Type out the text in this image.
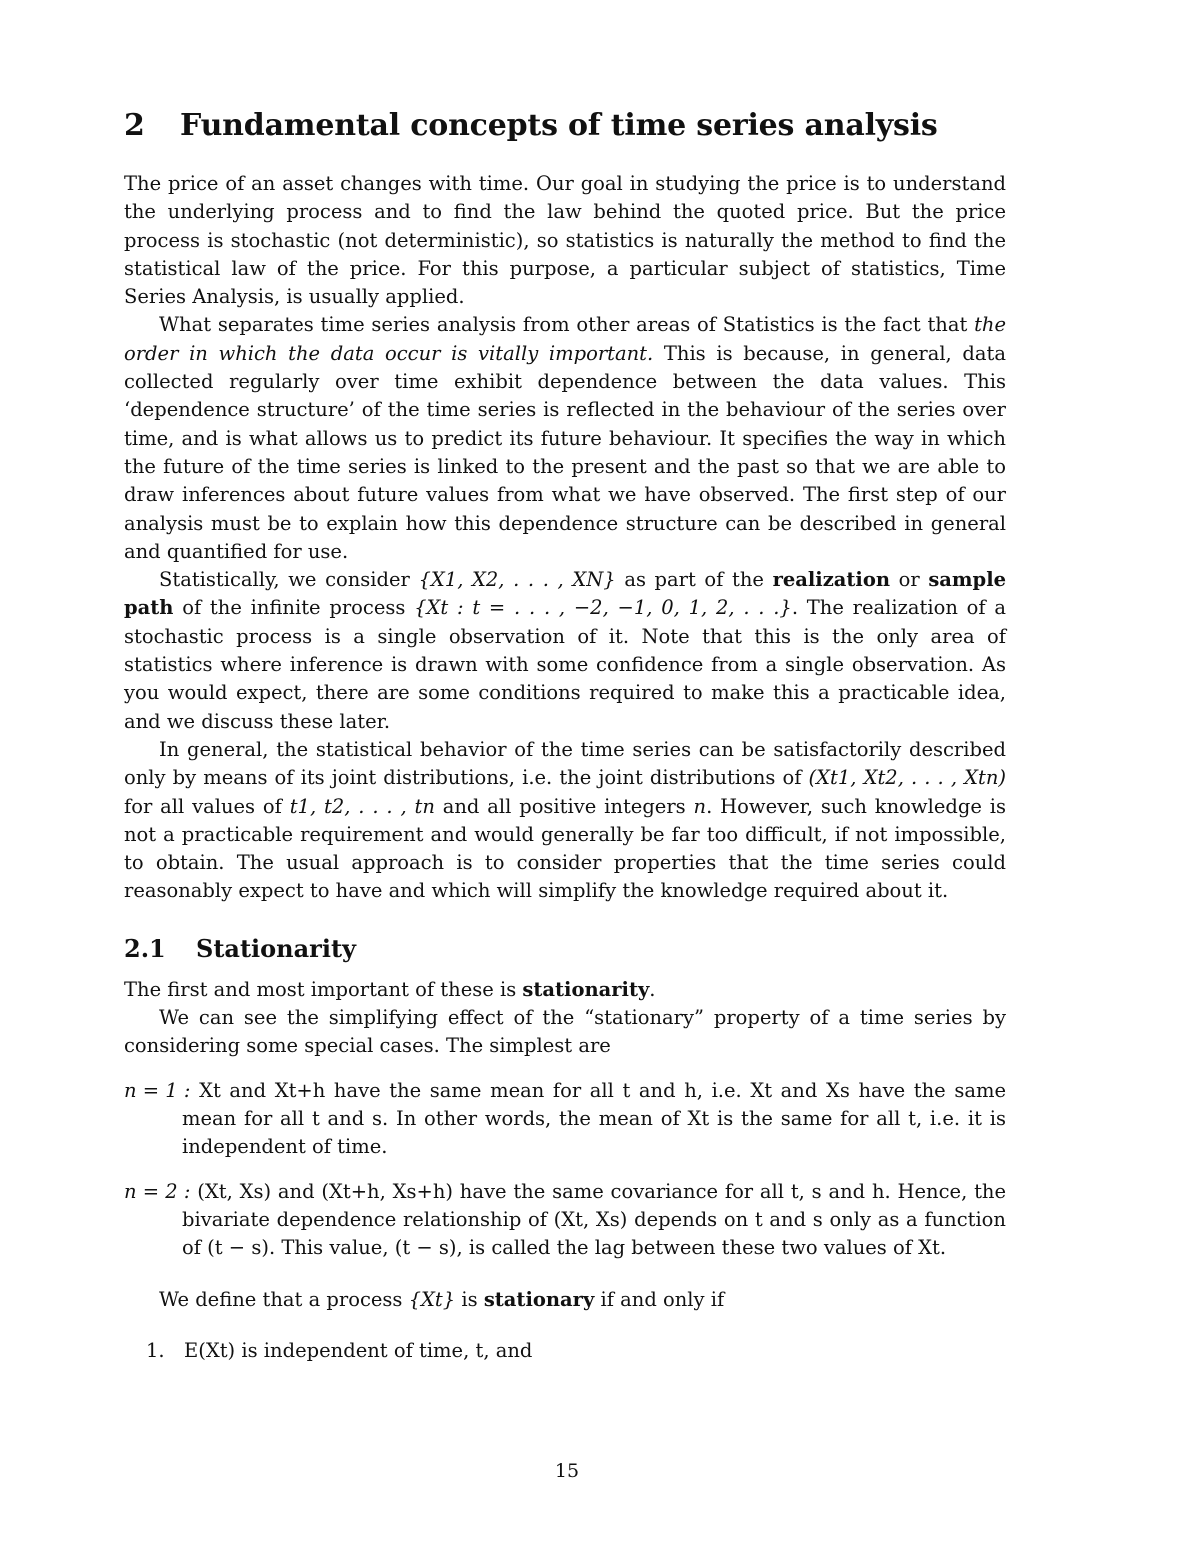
2 Fundamental concepts of time series analysis

The price of an asset changes with time. Our goal in studying the price is to understand the underlying process and to find the law behind the quoted price. But the price process is stochastic (not deterministic), so statistics is naturally the method to find the statistical law of the price. For this purpose, a particular subject of statistics, Time Series Analysis, is usually applied.

What separates time series analysis from other areas of Statistics is the fact that the order in which the data occur is vitally important. This is because, in general, data collected regularly over time exhibit dependence between the data values. This ‘dependence structure’ of the time series is reflected in the behaviour of the series over time, and is what allows us to predict its future behaviour. It specifies the way in which the future of the time series is linked to the present and the past so that we are able to draw inferences about future values from what we have observed. The first step of our analysis must be to explain how this dependence structure can be described in general and quantified for use.

Statistically, we consider {X1, X2, . . . , XN} as part of the realization or sample path of the infinite process {Xt : t = . . . , −2, −1, 0, 1, 2, . . .}. The realization of a stochastic process is a single observation of it. Note that this is the only area of statistics where inference is drawn with some confidence from a single observation. As you would expect, there are some conditions required to make this a practicable idea, and we discuss these later.

In general, the statistical behavior of the time series can be satisfactorily described only by means of its joint distributions, i.e. the joint distributions of (Xt1, Xt2, . . . , Xtn) for all values of t1, t2, . . . , tn and all positive integers n. However, such knowledge is not a practicable requirement and would generally be far too difficult, if not impossible, to obtain. The usual approach is to consider properties that the time series could reasonably expect to have and which will simplify the knowledge required about it.

2.1 Stationarity

The first and most important of these is stationarity.

We can see the simplifying effect of the “stationary” property of a time series by considering some special cases. The simplest are

n = 1 : Xt and Xt+h have the same mean for all t and h, i.e. Xt and Xs have the same mean for all t and s. In other words, the mean of Xt is the same for all t, i.e. it is independent of time.
n = 2 : (Xt, Xs) and (Xt+h, Xs+h) have the same covariance for all t, s and h. Hence, the bivariate dependence relationship of (Xt, Xs) depends on t and s only as a function of (t − s). This value, (t − s), is called the lag between these two values of Xt.

We define that a process {Xt} is stationary if and only if

1. E(Xt) is independent of time, t, and
15
